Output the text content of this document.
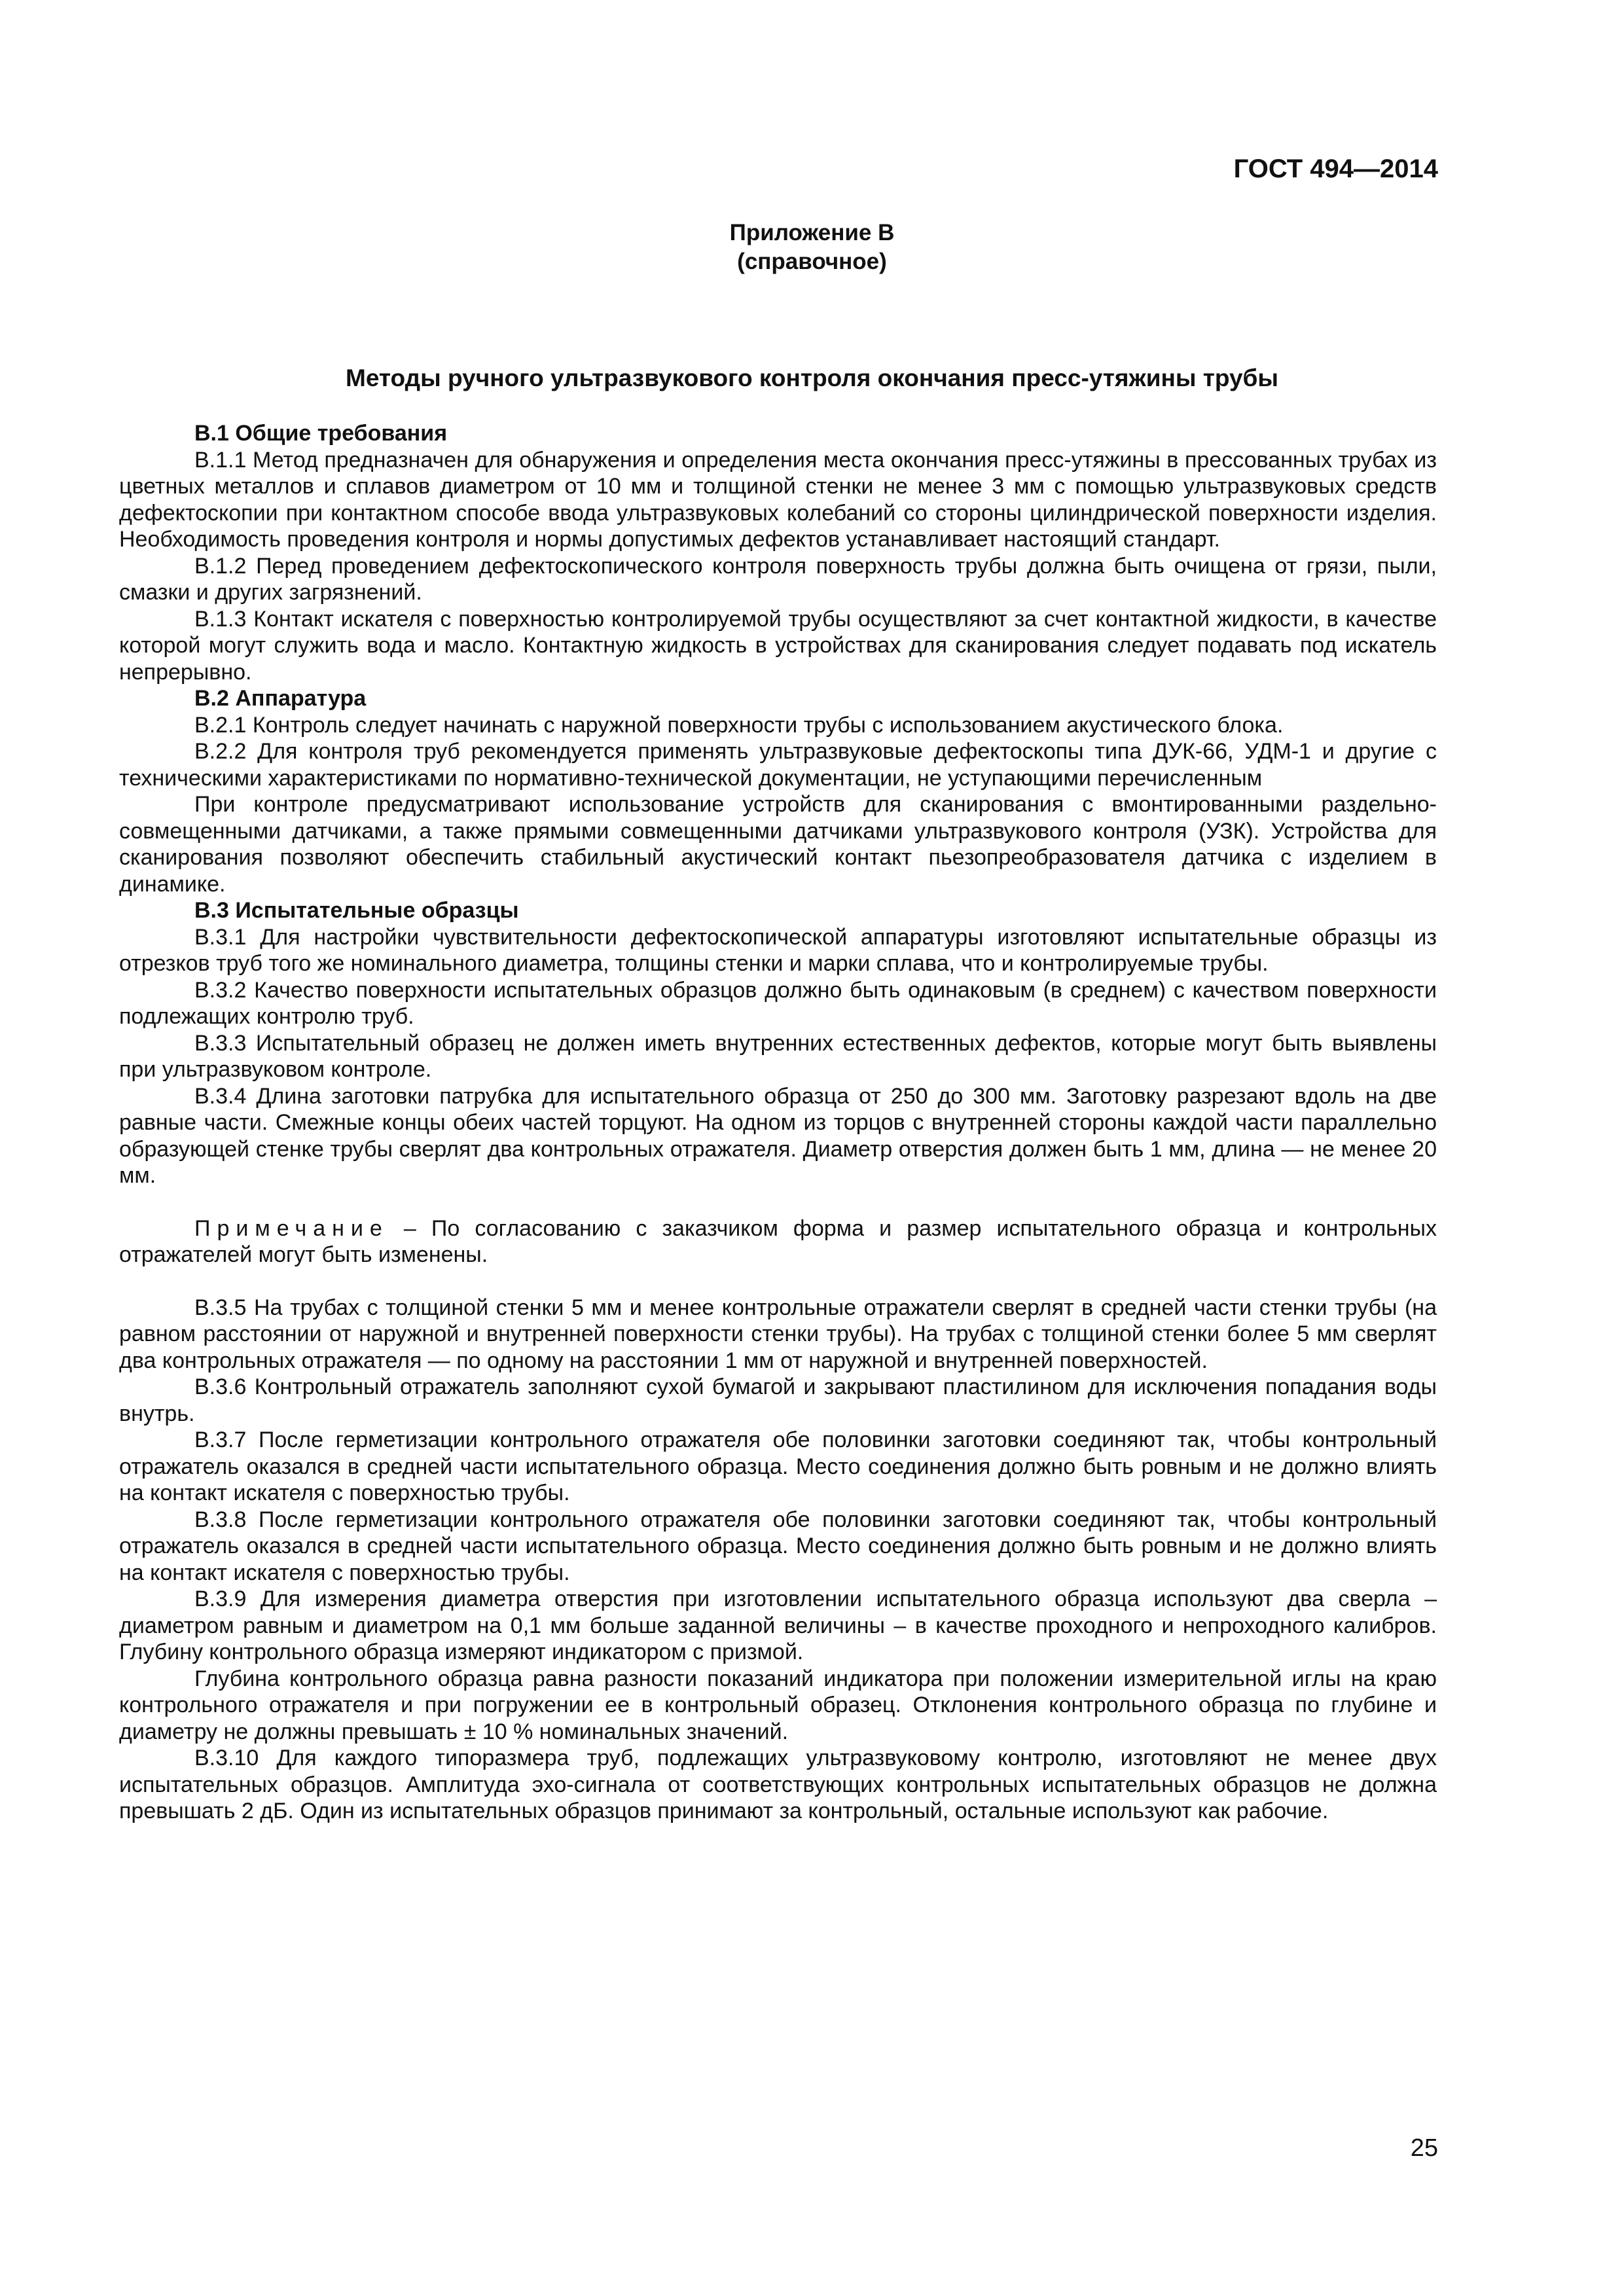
ГОСТ 494—2014
Приложение В
(справочное)
Методы ручного ультразвукового контроля окончания пресс-утяжины трубы
В.1 Общие требования

В.1.1 Метод предназначен для обнаружения и определения места окончания пресс-утяжины в прессованных трубах из цветных металлов и сплавов диаметром от 10 мм и толщиной стенки не менее 3 мм с помощью ультразвуковых средств дефектоскопии при контактном способе ввода ультразвуковых колебаний со стороны цилиндрической поверхности изделия. Необходимость проведения контроля и нормы допустимых дефектов устанавливает настоящий стандарт.

В.1.2 Перед проведением дефектоскопического контроля поверхность трубы должна быть очищена от грязи, пыли, смазки и других загрязнений.

В.1.3 Контакт искателя с поверхностью контролируемой трубы осуществляют за счет контактной жидкости, в качестве которой могут служить вода и масло. Контактную жидкость в устройствах для сканирования следует подавать под искатель непрерывно.

В.2 Аппаратура

В.2.1 Контроль следует начинать с наружной поверхности трубы с использованием акустического блока.

В.2.2 Для контроля труб рекомендуется применять ультразвуковые дефектоскопы типа ДУК-66, УДМ-1 и другие с техническими характеристиками по нормативно-технической документации, не уступающими перечисленным

При контроле предусматривают использование устройств для сканирования с вмонтированными раздельно-совмещенными датчиками, а также прямыми совмещенными датчиками ультразвукового контроля (УЗК). Устройства для сканирования позволяют обеспечить стабильный акустический контакт пьезопреобразователя датчика с изделием в динамике.

В.3 Испытательные образцы

В.3.1 Для настройки чувствительности дефектоскопической аппаратуры изготовляют испытательные образцы из отрезков труб того же номинального диаметра, толщины стенки и марки сплава, что и контролируемые трубы.

В.3.2 Качество поверхности испытательных образцов должно быть одинаковым (в среднем) с качеством поверхности подлежащих контролю труб.

В.3.3 Испытательный образец не должен иметь внутренних естественных дефектов, которые могут быть выявлены при ультразвуковом контроле.

В.3.4 Длина заготовки патрубка для испытательного образца от 250 до 300 мм. Заготовку разрезают вдоль на две равные части. Смежные концы обеих частей торцуют. На одном из торцов с внутренней стороны каждой части параллельно образующей стенке трубы сверлят два контрольных отражателя. Диаметр отверстия должен быть 1 мм, длина — не менее 20 мм.

Примечание – По согласованию с заказчиком форма и размер испытательного образца и контрольных отражателей могут быть изменены.

В.3.5 На трубах с толщиной стенки 5 мм и менее контрольные отражатели сверлят в средней части стенки трубы (на равном расстоянии от наружной и внутренней поверхности стенки трубы). На трубах с толщиной стенки более 5 мм сверлят два контрольных отражателя — по одному на расстоянии 1 мм от наружной и внутренней поверхностей.

В.3.6 Контрольный отражатель заполняют сухой бумагой и закрывают пластилином для исключения попадания воды внутрь.

В.3.7 После герметизации контрольного отражателя обе половинки заготовки соединяют так, чтобы контрольный отражатель оказался в средней части испытательного образца. Место соединения должно быть ровным и не должно влиять на контакт искателя с поверхностью трубы.

В.3.8 После герметизации контрольного отражателя обе половинки заготовки соединяют так, чтобы контрольный отражатель оказался в средней части испытательного образца. Место соединения должно быть ровным и не должно влиять на контакт искателя с поверхностью трубы.

В.3.9 Для измерения диаметра отверстия при изготовлении испытательного образца используют два сверла – диаметром равным и диаметром на 0,1 мм больше заданной величины – в качестве проходного и непроходного калибров. Глубину контрольного образца измеряют индикатором с призмой.

Глубина контрольного образца равна разности показаний индикатора при положении измерительной иглы на краю контрольного отражателя и при погружении ее в контрольный образец. Отклонения контрольного образца по глубине и диаметру не должны превышать ± 10 % номинальных значений.

В.3.10 Для каждого типоразмера труб, подлежащих ультразвуковому контролю, изготовляют не менее двух испытательных образцов. Амплитуда эхо-сигнала от соответствующих контрольных испытательных образцов не должна превышать 2 дБ. Один из испытательных образцов принимают за контрольный, остальные используют как рабочие.

25
